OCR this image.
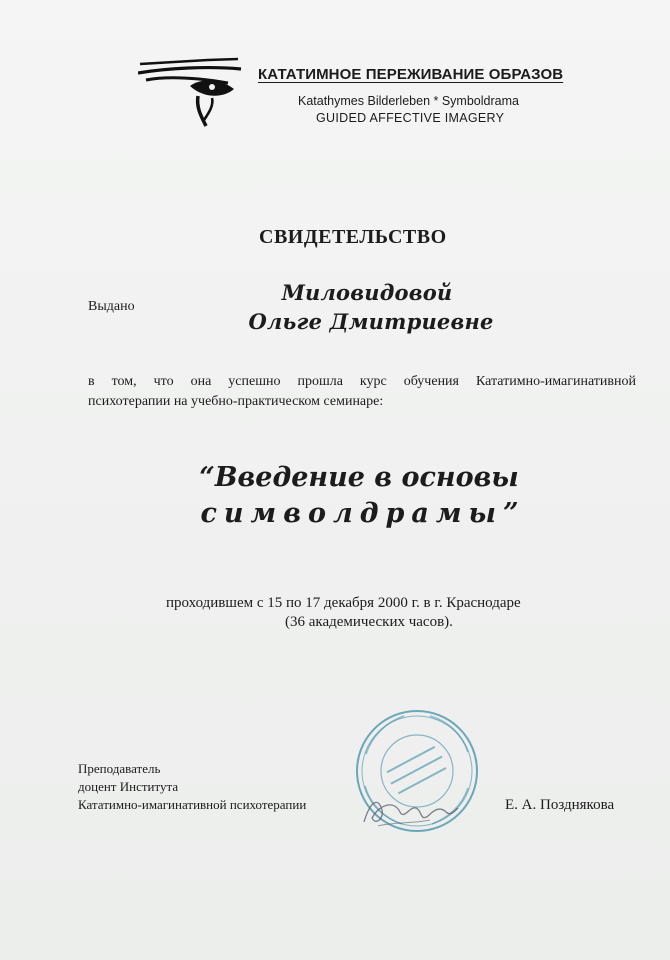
КАТАТИМНОЕ ПЕРЕЖИВАНИЕ ОБРАЗОВ
Katathymes Bilderleben * Symboldrama
GUIDED AFFECTIVE IMAGERY
СВИДЕТЕЛЬСТВО
Выдано
Миловидовой
Ольге Дмитриевне
в том, что она успешно прошла курс обучения Кататимно-имагинативной
психотерапии на учебно-практическом семинаре:
“Введение в основы
символдрамы”
проходившем с 15 по 17 декабря 2000 г. в г. Краснодаре
(36 академических часов).
Преподаватель
доцент Института
Кататимно-имагинативной психотерапии	Е. А. Позднякова
